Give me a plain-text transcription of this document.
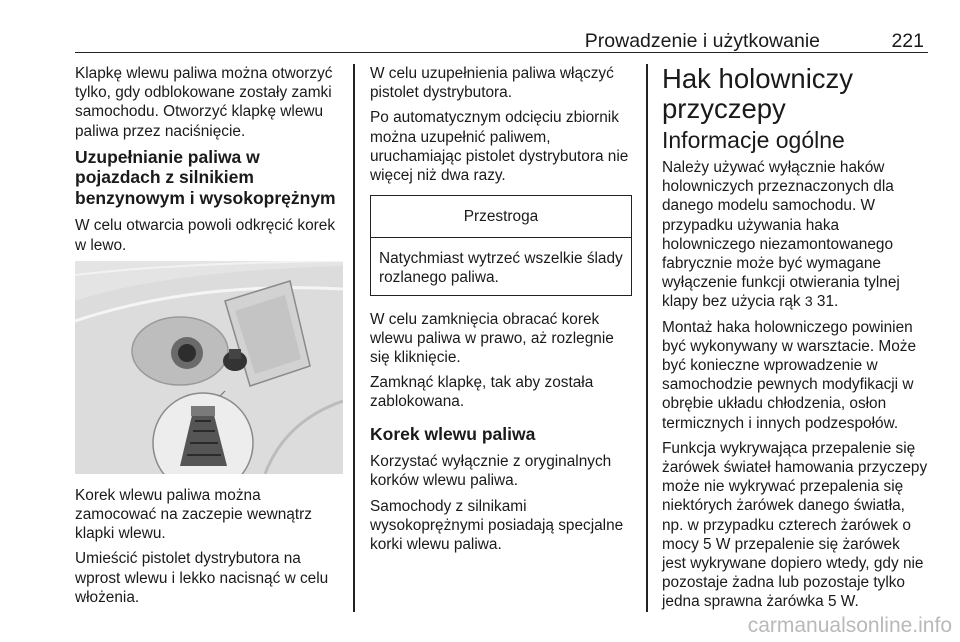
Prowadzenie i użytkowanie	221

Klapkę wlewu paliwa można otworzyć tylko, gdy odblokowane zostały zamki samochodu. Otworzyć klapkę wlewu paliwa przez naciśnięcie.

Uzupełnianie paliwa w pojazdach z silnikiem benzynowym i wysokoprężnym

W celu otwarcia powoli odkręcić korek w lewo.

Korek wlewu paliwa można zamocować na zaczepie wewnątrz klapki wlewu.

Umieścić pistolet dystrybutora na wprost wlewu i lekko nacisnąć w celu włożenia.

W celu uzupełnienia paliwa włączyć pistolet dystrybutora.

Po automatycznym odcięciu zbiornik można uzupełnić paliwem, uruchamiając pistolet dystrybutora nie więcej niż dwa razy.

Przestroga

Natychmiast wytrzeć wszelkie ślady rozlanego paliwa.

W celu zamknięcia obracać korek wlewu paliwa w prawo, aż rozlegnie się kliknięcie.

Zamknąć klapkę, tak aby została zablokowana.

Korek wlewu paliwa

Korzystać wyłącznie z oryginalnych korków wlewu paliwa.

Samochody z silnikami wysokoprężnymi posiadają specjalne korki wlewu paliwa.

Hak holowniczy przyczepy
Informacje ogólne

Należy używać wyłącznie haków holowniczych przeznaczonych dla danego modelu samochodu. W przypadku używania haka holowniczego niezamontowanego fabrycznie może być wymagane wyłączenie funkcji otwierania tylnej klapy bez użycia rąk 3 31.

Montaż haka holowniczego powinien być wykonywany w warsztacie. Może być konieczne wprowadzenie w samochodzie pewnych modyfikacji w obrębie układu chłodzenia, osłon termicznych i innych podzespołów.

Funkcja wykrywająca przepalenie się żarówek świateł hamowania przyczepy może nie wykrywać przepalenia się niektórych żarówek danego światła, np. w przypadku czterech żarówek o mocy 5 W przepalenie się żarówek jest wykrywane dopiero wtedy, gdy nie pozostaje żadna lub pozostaje tylko jedna sprawna żarówka 5 W.

carmanualsonline.info
